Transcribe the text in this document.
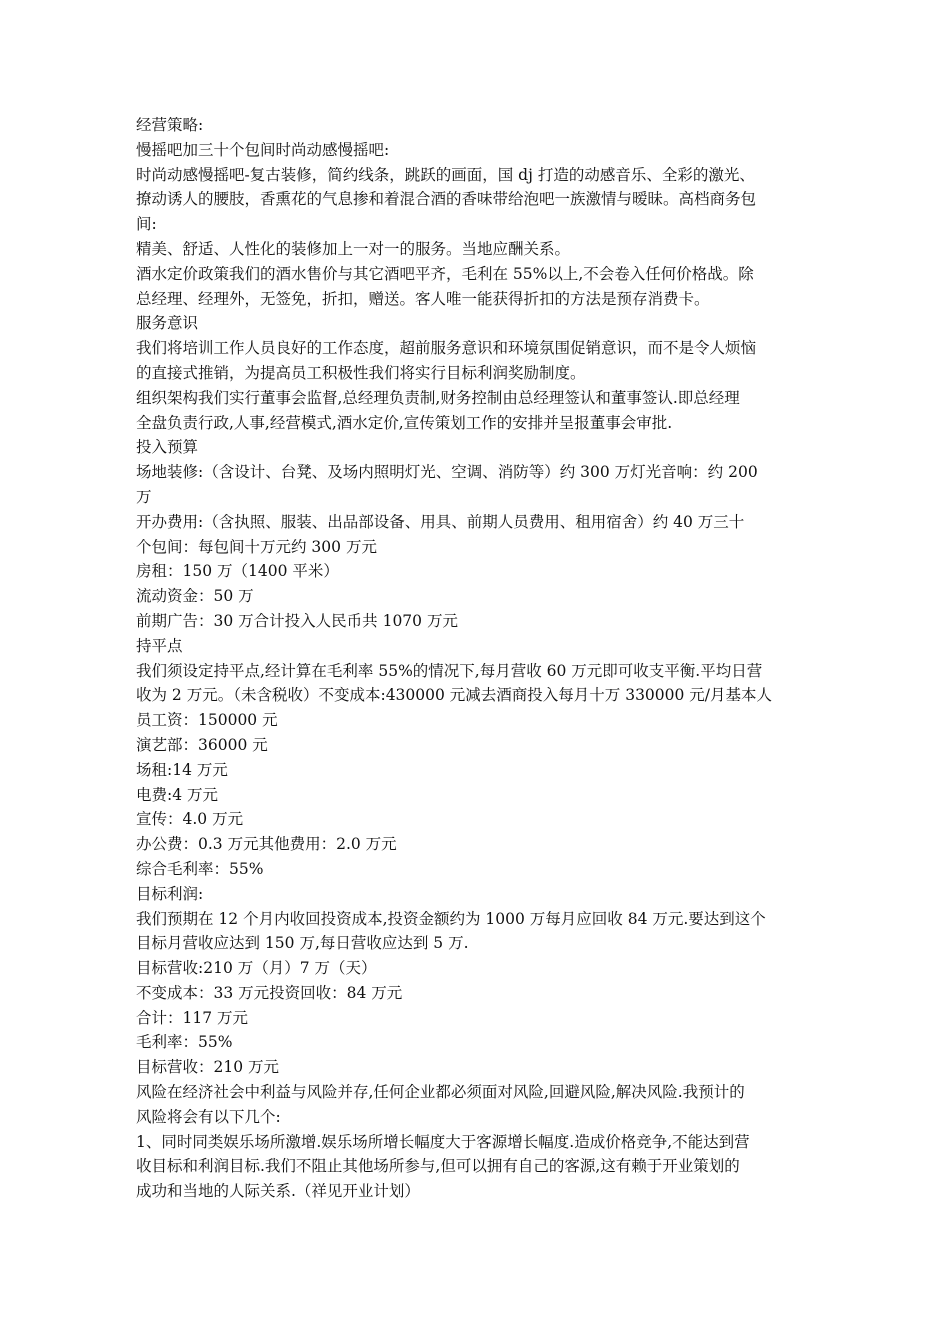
经营策略:

慢摇吧加三十个包间时尚动感慢摇吧:

时尚动感慢摇吧-复古装修，简约线条，跳跃的画面，国 dj 打造的动感音乐、全彩的激光、

撩动诱人的腰肢，香熏花的气息掺和着混合酒的香味带给泡吧一族激情与暧昧。高档商务包

间:

精美、舒适、人性化的装修加上一对一的服务。当地应酬关系。

酒水定价政策我们的酒水售价与其它酒吧平齐，毛利在 55%以上,不会卷入任何价格战。除

总经理、经理外，无签免，折扣，赠送。客人唯一能获得折扣的方法是预存消费卡。

服务意识

我们将培训工作人员良好的工作态度，超前服务意识和环境氛围促销意识，而不是令人烦恼

的直接式推销，为提高员工积极性我们将实行目标利润奖励制度。

组织架构我们实行董事会监督,总经理负责制,财务控制由总经理签认和董事签认.即总经理

全盘负责行政,人事,经营模式,酒水定价,宣传策划工作的安排并呈报董事会审批.

投入预算

场地装修:（含设计、台凳、及场内照明灯光、空调、消防等）约 300 万灯光音响：约 200

万

开办费用:（含执照、服装、出品部设备、用具、前期人员费用、租用宿舍）约 40 万三十

个包间：每包间十万元约 300 万元

房租：150 万（1400 平米）

流动资金：50 万

前期广告：30 万合计投入人民币共 1070 万元

持平点

我们须设定持平点,经计算在毛利率 55%的情况下,每月营收 60 万元即可收支平衡.平均日营

收为 2 万元。（未含税收）不变成本:430000 元减去酒商投入每月十万 330000 元/月基本人

员工资：150000 元

演艺部：36000 元

场租:14 万元

电费:4 万元

宣传：4.0 万元

办公费：0.3 万元其他费用：2.0 万元

综合毛利率：55%

目标利润:

我们预期在 12 个月内收回投资成本,投资金额约为 1000 万每月应回收 84 万元.要达到这个

目标月营收应达到 150 万,每日营收应达到 5 万.

目标营收:210 万（月）7 万（天）

不变成本：33 万元投资回收：84 万元

合计：117 万元

毛利率：55%

目标营收：210 万元

风险在经济社会中利益与风险并存,任何企业都必须面对风险,回避风险,解决风险.我预计的

风险将会有以下几个:

1、同时同类娱乐场所激增.娱乐场所增长幅度大于客源增长幅度.造成价格竞争,不能达到营

收目标和利润目标.我们不阻止其他场所参与,但可以拥有自己的客源,这有赖于开业策划的

成功和当地的人际关系.（祥见开业计划）
